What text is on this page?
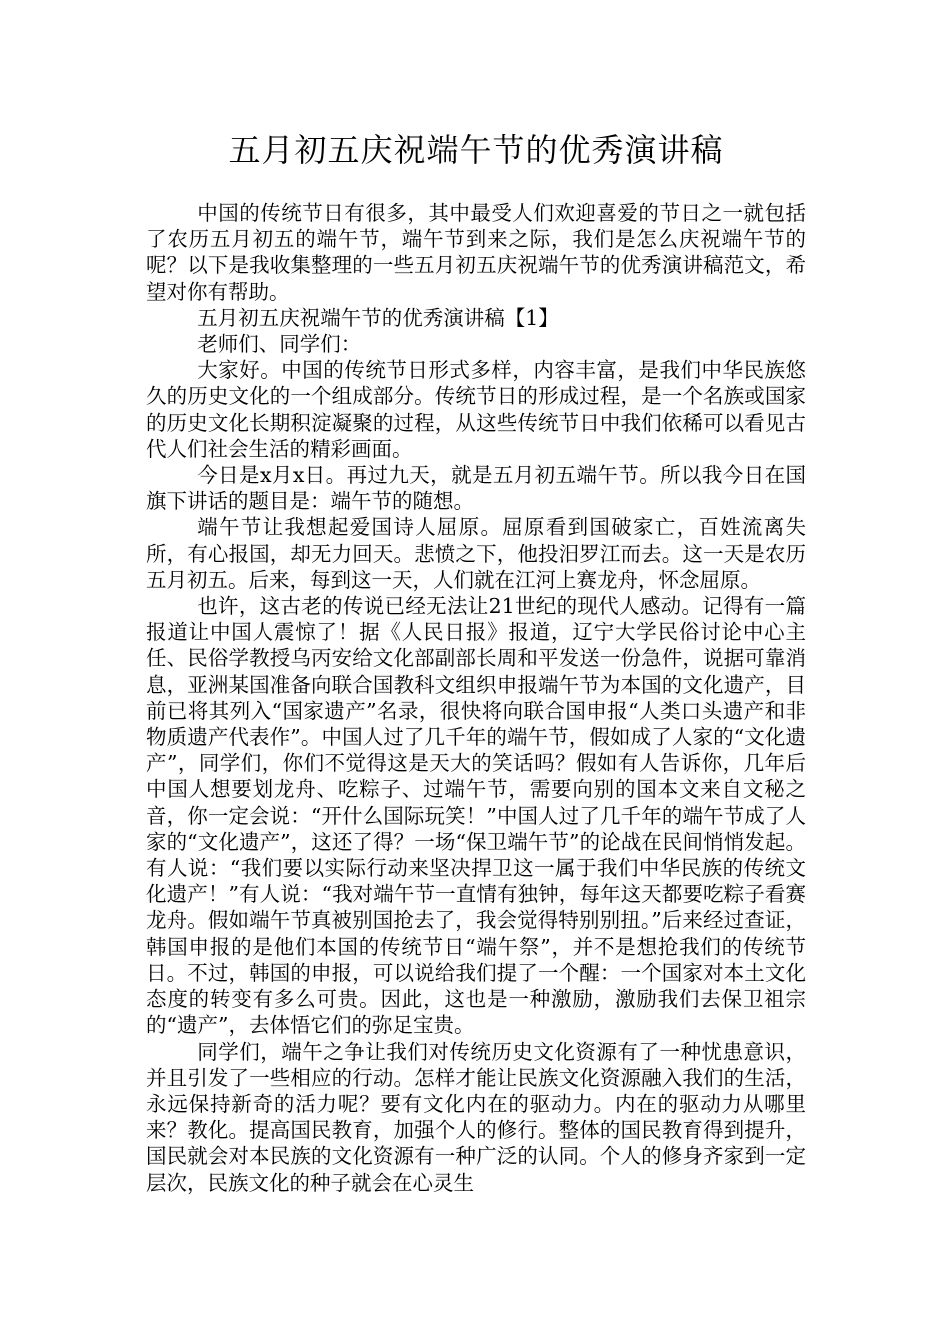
五月初五庆祝端午节的优秀演讲稿

中国的传统节日有很多，其中最受人们欢迎喜爱的节日之一就包括了农历五月初五的端午节，端午节到来之际，我们是怎么庆祝端午节的呢？以下是我收集整理的一些五月初五庆祝端午节的优秀演讲稿范文，希望对你有帮助。

五月初五庆祝端午节的优秀演讲稿【1】

老师们、同学们：

大家好。中国的传统节日形式多样，内容丰富，是我们中华民族悠久的历史文化的一个组成部分。传统节日的形成过程，是一个名族或国家的历史文化长期积淀凝聚的过程，从这些传统节日中我们依稀可以看见古代人们社会生活的精彩画面。

今日是x月x日。再过九天，就是五月初五端午节。所以我今日在国旗下讲话的题目是：端午节的随想。

端午节让我想起爱国诗人屈原。屈原看到国破家亡，百姓流离失所，有心报国，却无力回天。悲愤之下，他投汨罗江而去。这一天是农历五月初五。后来，每到这一天，人们就在江河上赛龙舟，怀念屈原。

也许，这古老的传说已经无法让21世纪的现代人感动。记得有一篇报道让中国人震惊了！据《人民日报》报道，辽宁大学民俗讨论中心主任、民俗学教授乌丙安给文化部副部长周和平发送一份急件，说据可靠消息，亚洲某国准备向联合国教科文组织申报端午节为本国的文化遗产，目前已将其列入“国家遗产”名录，很快将向联合国申报“人类口头遗产和非物质遗产代表作”。中国人过了几千年的端午节，假如成了人家的“文化遗产”，同学们，你们不觉得这是天大的笑话吗？假如有人告诉你，几年后中国人想要划龙舟、吃粽子、过端午节，需要向别的国本文来自文秘之音，你一定会说：“开什么国际玩笑！”中国人过了几千年的端午节成了人家的“文化遗产”，这还了得？一场“保卫端午节”的论战在民间悄悄发起。有人说：“我们要以实际行动来坚决捍卫这一属于我们中华民族的传统文化遗产！”有人说：“我对端午节一直情有独钟，每年这天都要吃粽子看赛龙舟。假如端午节真被别国抢去了，我会觉得特别别扭。”后来经过查证，韩国申报的是他们本国的传统节日“端午祭”，并不是想抢我们的传统节日。不过，韩国的申报，可以说给我们提了一个醒：一个国家对本土文化态度的转变有多么可贵。因此，这也是一种激励，激励我们去保卫祖宗的“遗产”，去体悟它们的弥足宝贵。

同学们，端午之争让我们对传统历史文化资源有了一种忧患意识，并且引发了一些相应的行动。怎样才能让民族文化资源融入我们的生活，永远保持新奇的活力呢？要有文化内在的驱动力。内在的驱动力从哪里来？教化。提高国民教育，加强个人的修行。整体的国民教育得到提升，国民就会对本民族的文化资源有一种广泛的认同。个人的修身齐家到一定层次，民族文化的种子就会在心灵生
